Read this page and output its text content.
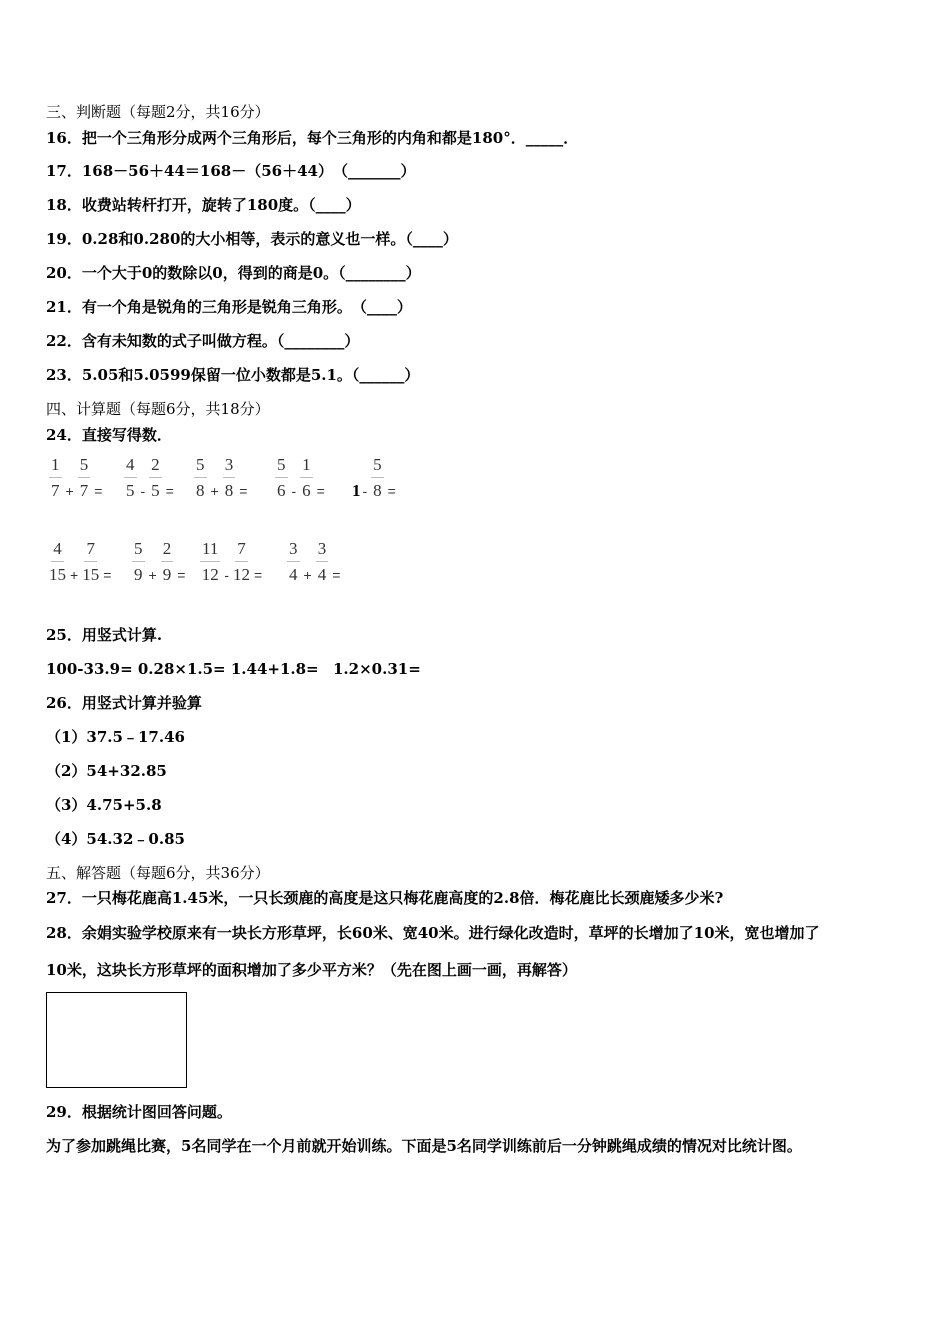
三、判断题（每题2分，共16分）
16．把一个三角形分成两个三角形后，每个三角形的内角和都是180°．_____．
17．168－56＋44＝168－（56＋44）　（_______）
18．收费站转杆打开，旋转了180度。（____）
19．0.28和0.280的大小相等，表示的意义也一样。（____）
20．一个大于0的数除以0，得到的商是0。（________）
21．有一个角是锐角的三角形是锐角三角形。　（____）
22．含有未知数的式子叫做方程。（________）
23．5.05和5.0599保留一位小数都是5.1。（______）
四、计算题（每题6分，共18分）
24．直接写得数．
$\frac{1}{7} + \frac{5}{7} = \frac{4}{5} - \frac{2}{5} = \frac{5}{8} + \frac{3}{8} = \frac{5}{6} - \frac{1}{6} = 1 - \frac{5}{8}$ =
$\frac{4}{15} + \frac{7}{15} = \frac{5}{9} + \frac{2}{9} = \frac{11}{12} - \frac{7}{12} = \frac{3}{4} + \frac{3}{4}$ =
25．用竖式计算.
100-33.9= 0.28×1.5= 1.44+1.8= 1.2×0.31=
26．用竖式计算并验算
（1）37.5﹣17.46
（2）54+32.85
（3）4.75+5.8
（4）54.32﹣0.85
五、解答题（每题6分，共36分）
27．一只梅花鹿高1.45米，一只长颈鹿的高度是这只梅花鹿高度的2.8倍．梅花鹿比长颈鹿矮多少米?
28．余娟实验学校原来有一块长方形草坪，长60米、宽40米。进行绿化改造时，草坪的长增加了10米，宽也增加了
10米，这块长方形草坪的面积增加了多少平方米？（先在图上画一画，再解答）
29．根据统计图回答问题。
为了参加跳绳比赛，5名同学在一个月前就开始训练。下面是5名同学训练前后一分钟跳绳成绩的情况对比统计图。
